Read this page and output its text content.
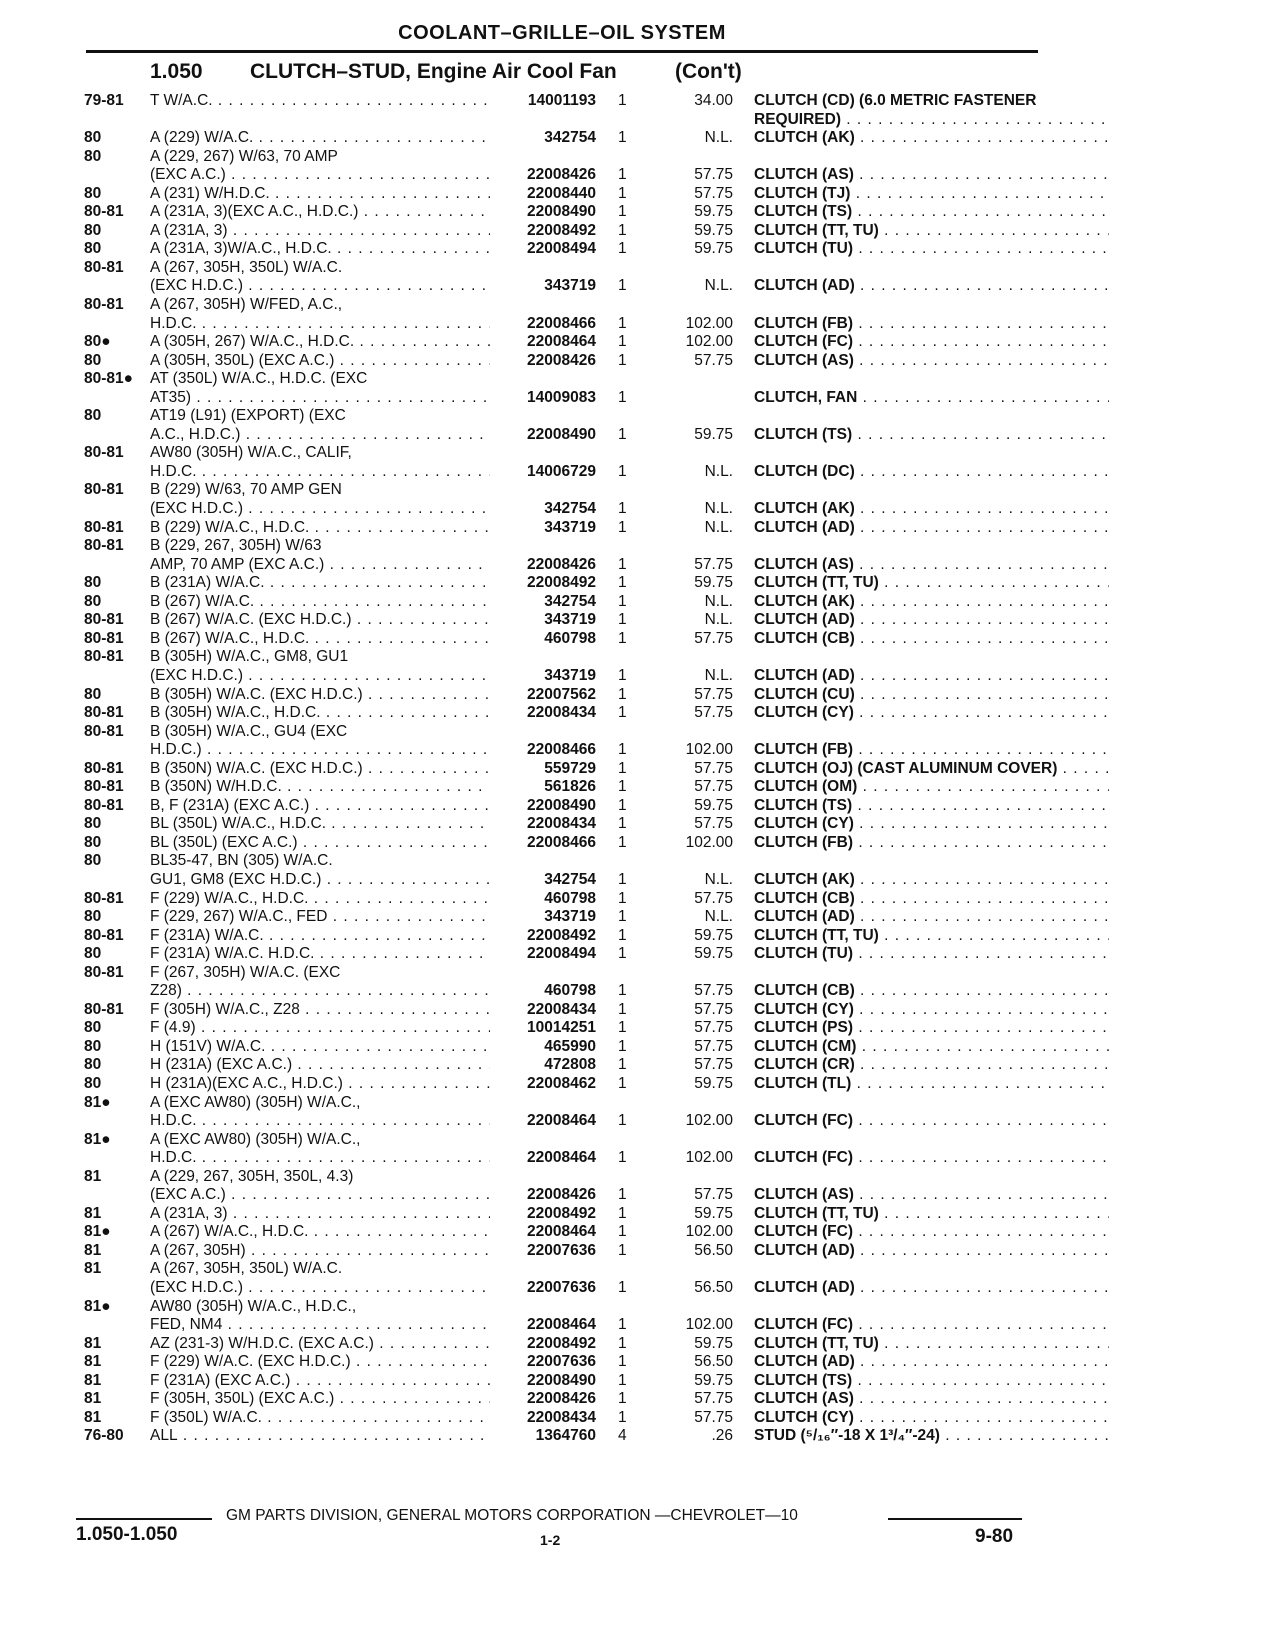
COOLANT–GRILLE–OIL SYSTEM
1.050 CLUTCH–STUD, Engine Air Cool Fan	(Con't)
79-81 T W/A.C. . . .	14001193 1	34.00 CLUTCH (CD) (6.0 METRIC FASTENER
REQUIRED) . . .
80	A (229) W/A.C. . . .	342754 1	N.L. CLUTCH (AK) . . .
80	A (229, 267) W/63, 70 AMP
(EXC A.C.) . . .	22008426 1	57.75 CLUTCH (AS) . . .
80	A (231) W/H.D.C. . . .	22008440 1	57.75 CLUTCH (TJ) . . .
80-81 A (231A, 3)(EXC A.C., H.D.C.) . . .	22008490 1	59.75 CLUTCH (TS) . . .
80	A (231A, 3) . . .	22008492 1	59.75 CLUTCH (TT, TU) . . .
80	A (231A, 3)W/A.C., H.D.C. . . .	22008494 1	59.75 CLUTCH (TU) . . .
80-81 A (267, 305H, 350L) W/A.C.
(EXC H.D.C.) . . .	343719 1	N.L. CLUTCH (AD) . . .
80-81 A (267, 305H) W/FED, A.C.,
H.D.C. . . .	22008466 1	102.00 CLUTCH (FB) . . .
80●	A (305H, 267) W/A.C., H.D.C. . . .	22008464 1	102.00 CLUTCH (FC) . . .
80	A (305H, 350L) (EXC A.C.) . . .	22008426 1	57.75 CLUTCH (AS) . . .
80-81● AT (350L) W/A.C., H.D.C. (EXC
AT35) . . .	14009083 1	CLUTCH, FAN . . .
80	AT19 (L91) (EXPORT) (EXC
A.C., H.D.C.) . . .	22008490 1	59.75 CLUTCH (TS) . . .
80-81 AW80 (305H) W/A.C., CALIF,
H.D.C. . . .	14006729 1	N.L. CLUTCH (DC) . . .
80-81 B (229) W/63, 70 AMP GEN
(EXC H.D.C.) . . .	342754 1	N.L. CLUTCH (AK) . . .
80-81 B (229) W/A.C., H.D.C. . . .	343719 1	N.L. CLUTCH (AD) . . .
80-81 B (229, 267, 305H) W/63
AMP, 70 AMP (EXC A.C.) . . .	22008426 1	57.75 CLUTCH (AS) . . .
80	B (231A) W/A.C. . . .	22008492 1	59.75 CLUTCH (TT, TU) . . .
80	B (267) W/A.C. . . .	342754 1	N.L. CLUTCH (AK) . . .
80-81 B (267) W/A.C. (EXC H.D.C.) . . .	343719 1	N.L. CLUTCH (AD) . . .
80-81 B (267) W/A.C., H.D.C. . . .	460798 1	57.75 CLUTCH (CB) . . .
80-81 B (305H) W/A.C., GM8, GU1
(EXC H.D.C.) . . .	343719 1	N.L. CLUTCH (AD) . . .
80	B (305H) W/A.C. (EXC H.D.C.) . . .	22007562 1	57.75 CLUTCH (CU) . . .
80-81 B (305H) W/A.C., H.D.C. . . .	22008434 1	57.75 CLUTCH (CY) . . .
80-81 B (305H) W/A.C., GU4 (EXC
H.D.C.) . . .	22008466 1	102.00 CLUTCH (FB) . . .
80-81 B (350N) W/A.C. (EXC H.D.C.) . . .	559729 1	57.75 CLUTCH (OJ) (CAST ALUMINUM COVER) . . .
80-81 B (350N) W/H.D.C. . . .	561826 1	57.75 CLUTCH (OM) . . .
80-81 B, F (231A) (EXC A.C.) . . .	22008490 1	59.75 CLUTCH (TS) . . .
80	BL (350L) W/A.C., H.D.C. . . .	22008434 1	57.75 CLUTCH (CY) . . .
80	BL (350L) (EXC A.C.) . . .	22008466 1	102.00 CLUTCH (FB) . . .
80	BL35-47, BN (305) W/A.C.
GU1, GM8 (EXC H.D.C.) . . .	342754 1	N.L. CLUTCH (AK) . . .
80-81 F (229) W/A.C., H.D.C. . . .	460798 1	57.75 CLUTCH (CB) . . .
80	F (229, 267) W/A.C., FED . . .	343719 1	N.L. CLUTCH (AD) . . .
80-81 F (231A) W/A.C. . . .	22008492 1	59.75 CLUTCH (TT, TU) . . .
80	F (231A) W/A.C. H.D.C. . . .	22008494 1	59.75 CLUTCH (TU) . . .
80-81 F (267, 305H) W/A.C. (EXC
Z28) . . .	460798 1	57.75 CLUTCH (CB) . . .
80-81 F (305H) W/A.C., Z28 . . .	22008434 1	57.75 CLUTCH (CY) . . .
80	F (4.9) . . .	10014251 1	57.75 CLUTCH (PS) . . .
80	H (151V) W/A.C. . . .	465990 1	57.75 CLUTCH (CM) . . .
80	H (231A) (EXC A.C.) . . .	472808 1	57.75 CLUTCH (CR) . . .
80	H (231A)(EXC A.C., H.D.C.) . . .	22008462 1	59.75 CLUTCH (TL) . . .
81●	A (EXC AW80) (305H) W/A.C.,
H.D.C. . . .	22008464 1	102.00 CLUTCH (FC) . . .
81●	A (EXC AW80) (305H) W/A.C.,
H.D.C. . . .	22008464 1	102.00 CLUTCH (FC) . . .
81	A (229, 267, 305H, 350L, 4.3)
(EXC A.C.) . . .	22008426 1	57.75 CLUTCH (AS) . . .
81	A (231A, 3) . . .	22008492 1	59.75 CLUTCH (TT, TU) . . .
81●	A (267) W/A.C., H.D.C. . . .	22008464 1	102.00 CLUTCH (FC) . . .
81	A (267, 305H) . . .	22007636 1	56.50 CLUTCH (AD) . . .
81	A (267, 305H, 350L) W/A.C.
(EXC H.D.C.) . . .	22007636 1	56.50 CLUTCH (AD) . . .
81●	AW80 (305H) W/A.C., H.D.C.,
FED, NM4 . . .	22008464 1	102.00 CLUTCH (FC) . . .
81	AZ (231-3) W/H.D.C. (EXC A.C.) . . .	22008492 1	59.75 CLUTCH (TT, TU) . . .
81	F (229) W/A.C. (EXC H.D.C.) . . .	22007636 1	56.50 CLUTCH (AD) . . .
81	F (231A) (EXC A.C.) . . .	22008490 1	59.75 CLUTCH (TS) . . .
81	F (305H, 350L) (EXC A.C.) . . .	22008426 1	57.75 CLUTCH (AS) . . .
81	F (350L) W/A.C. . . .	22008434 1	57.75 CLUTCH (CY) . . .
76-80 ALL . . .	1364760 4	.26 STUD (⁵/₁₆″-18 X 1³/₄″-24) . . .
GM PARTS DIVISION, GENERAL MOTORS CORPORATION —CHEVROLET—10
1.050-1.050	1-2	9-80
